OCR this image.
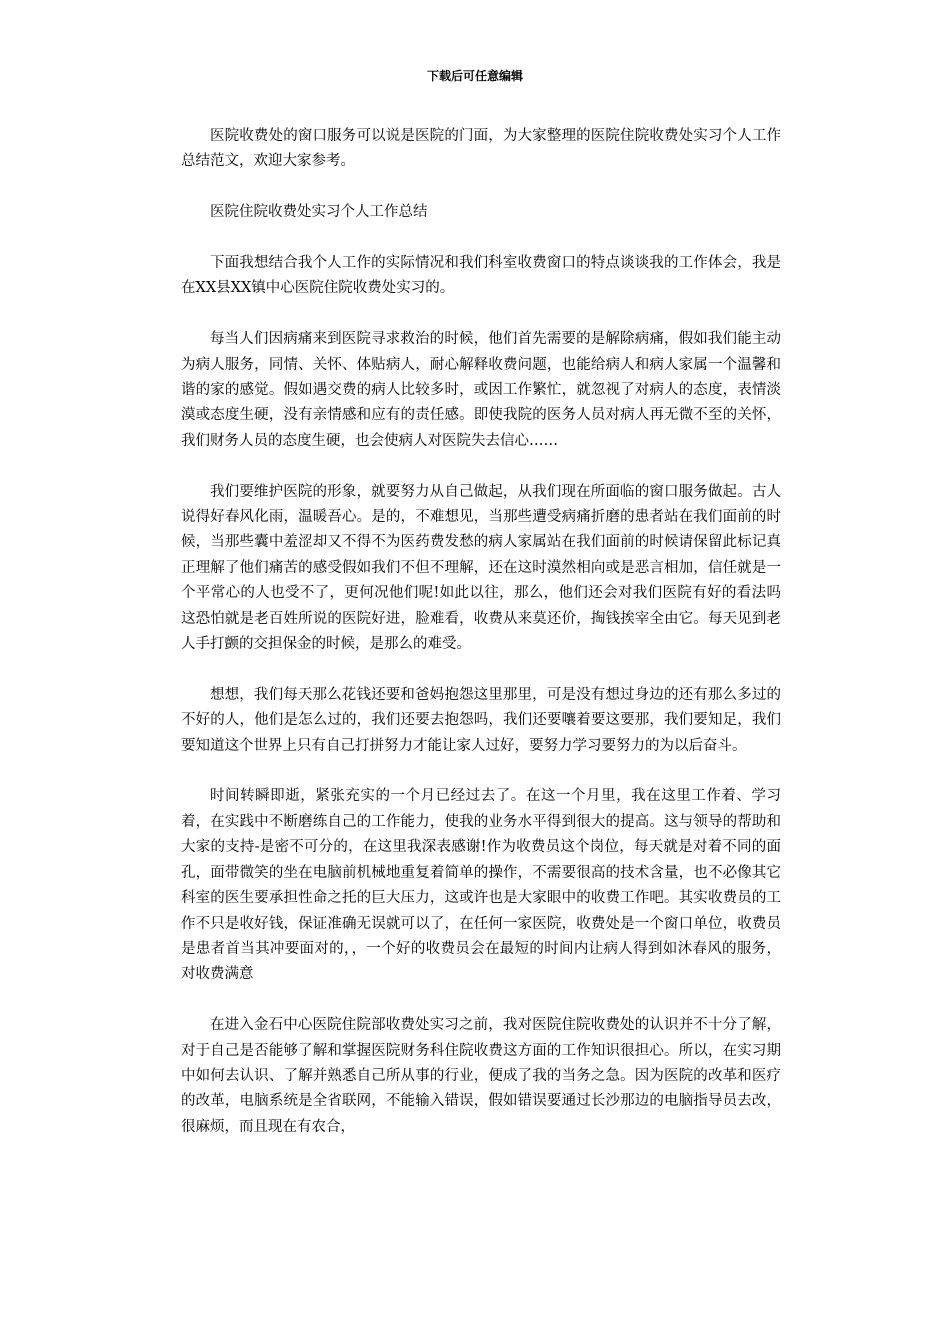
下载后可任意编辑

医院收费处的窗口服务可以说是医院的门面，为大家整理的医院住院收费处实习个人工作总结范文，欢迎大家参考。

医院住院收费处实习个人工作总结

下面我想结合我个人工作的实际情况和我们科室收费窗口的特点谈谈我的工作体会，我是在XX县XX镇中心医院住院收费处实习的。

每当人们因病痛来到医院寻求救治的时候，他们首先需要的是解除病痛，假如我们能主动为病人服务，同情、关怀、体贴病人，耐心解释收费问题，也能给病人和病人家属一个温馨和谐的家的感觉。假如遇交费的病人比较多时，或因工作繁忙，就忽视了对病人的态度，表情淡漠或态度生硬，没有亲情感和应有的责任感。即使我院的医务人员对病人再无微不至的关怀，我们财务人员的态度生硬，也会使病人对医院失去信心……

我们要维护医院的形象，就要努力从自己做起，从我们现在所面临的窗口服务做起。古人说得好春风化雨，温暖吾心。是的，不难想见，当那些遭受病痛折磨的患者站在我们面前的时候，当那些囊中羞涩却又不得不为医药费发愁的病人家属站在我们面前的时候请保留此标记真正理解了他们痛苦的感受假如我们不但不理解，还在这时漠然相向或是恶言相加，信任就是一个平常心的人也受不了，更何况他们呢!如此以往，那么，他们还会对我们医院有好的看法吗这恐怕就是老百姓所说的医院好进，脸难看，收费从来莫还价，掏钱挨宰全由它。每天见到老人手打颤的交担保金的时候，是那么的难受。

想想，我们每天那么花钱还要和爸妈抱怨这里那里，可是没有想过身边的还有那么多过的不好的人，他们是怎么过的，我们还要去抱怨吗，我们还要嚷着要这要那，我们要知足，我们要知道这个世界上只有自己打拼努力才能让家人过好，要努力学习要努力的为以后奋斗。

时间转瞬即逝，紧张充实的一个月已经过去了。在这一个月里，我在这里工作着、学习着，在实践中不断磨练自己的工作能力，使我的业务水平得到很大的提高。这与领导的帮助和大家的支持-是密不可分的，在这里我深表感谢!作为收费员这个岗位，每天就是对着不同的面孔，面带微笑的坐在电脑前机械地重复着简单的操作，不需要很高的技术含量，也不必像其它科室的医生要承担性命之托的巨大压力，这或许也是大家眼中的收费工作吧。其实收费员的工作不只是收好钱，保证准确无误就可以了，在任何一家医院，收费处是一个窗口单位，收费员是患者首当其冲要面对的，，一个好的收费员会在最短的时间内让病人得到如沐春风的服务，对收费满意

在进入金石中心医院住院部收费处实习之前，我对医院住院收费处的认识并不十分了解，对于自己是否能够了解和掌握医院财务科住院收费这方面的工作知识很担心。所以，在实习期中如何去认识、了解并熟悉自己所从事的行业，便成了我的当务之急。因为医院的改革和医疗的改革，电脑系统是全省联网，不能输入错误，假如错误要通过长沙那边的电脑指导员去改，很麻烦，而且现在有农合，
